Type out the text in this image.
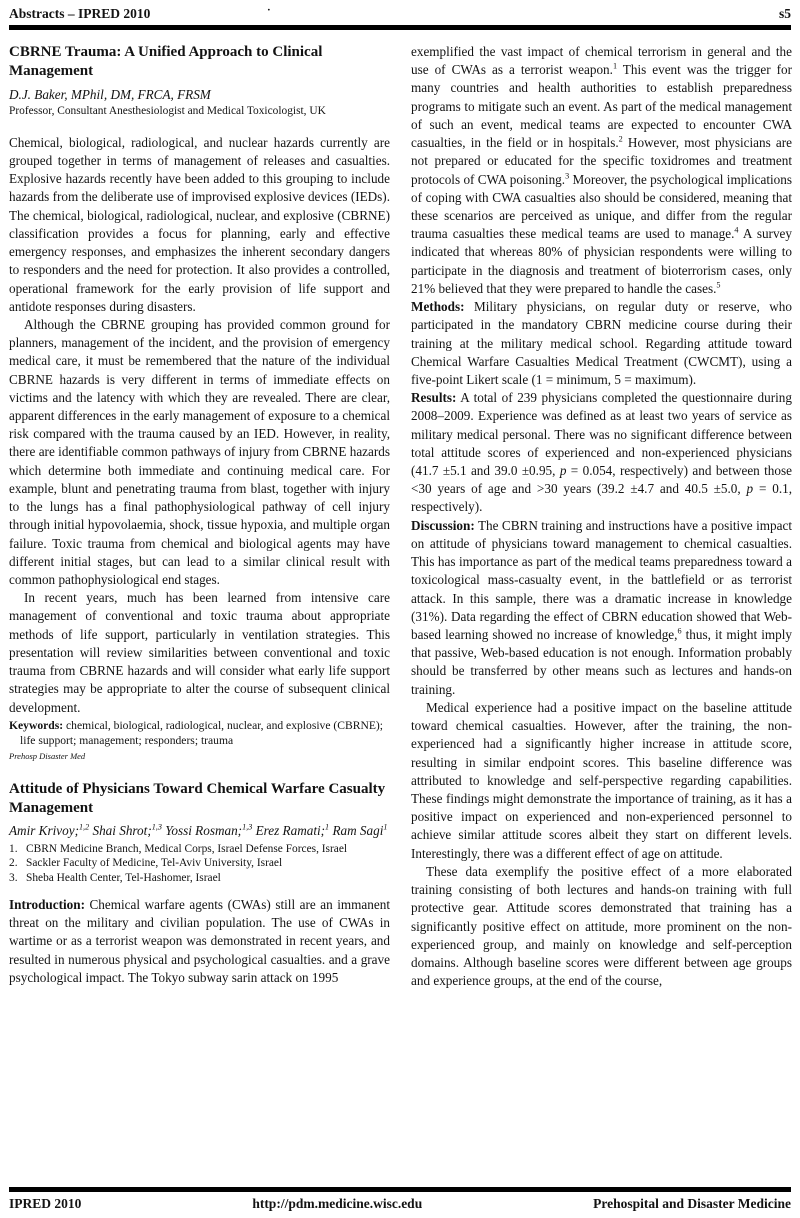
Abstracts – IPRED 2010	·	s5
CBRNE Trauma: A Unified Approach to Clinical Management
D.J. Baker, MPhil, DM, FRCA, FRSM
Professor, Consultant Anesthesiologist and Medical Toxicologist, UK

Chemical, biological, radiological, and nuclear hazards currently are grouped together in terms of management of releases and casualties. Explosive hazards recently have been added to this grouping to include hazards from the deliberate use of improvised explosive devices (IEDs). The chemical, biological, radiological, nuclear, and explosive (CBRNE) classification provides a focus for planning, early and effective emergency responses, and emphasizes the inherent secondary dangers to responders and the need for protection. It also provides a controlled, operational framework for the early provision of life support and antidote responses during disasters.

Although the CBRNE grouping has provided common ground for planners, management of the incident, and the provision of emergency medical care, it must be remembered that the nature of the individual CBRNE hazards is very different in terms of immediate effects on victims and the latency with which they are revealed. There are clear, apparent differences in the early management of exposure to a chemical risk compared with the trauma caused by an IED. However, in reality, there are identifiable common pathways of injury from CBRNE hazards which determine both immediate and continuing medical care. For example, blunt and penetrating trauma from blast, together with injury to the lungs has a final pathophysiological pathway of cell injury through initial hypovolaemia, shock, tissue hypoxia, and multiple organ failure. Toxic trauma from chemical and biological agents may have different initial stages, but can lead to a similar clinical result with common pathophysiological end stages.

In recent years, much has been learned from intensive care management of conventional and toxic trauma about appropriate methods of life support, particularly in ventilation strategies. This presentation will review similarities between conventional and toxic trauma from CBRNE hazards and will consider what early life support strategies may be appropriate to alter the course of subsequent clinical development.

Keywords: chemical, biological, radiological, nuclear, and explosive (CBRNE); life support; management; responders; trauma

Prehosp Disaster Med
Attitude of Physicians Toward Chemical Warfare Casualty Management
Amir Krivoy;$^{1,2}$ Shai Shrot;$^{1,3}$ Yossi Rosman;$^{1,3}$ Erez Ramati;$^1$ Ram Sagi$^1$
1. CBRN Medicine Branch, Medical Corps, Israel Defense Forces, Israel
2. Sackler Faculty of Medicine, Tel-Aviv University, Israel
3. Sheba Health Center, Tel-Hashomer, Israel

Introduction: Chemical warfare agents (CWAs) still are an immanent threat on the military and civilian population. The use of CWAs in wartime or as a terrorist weapon was demonstrated in recent years, and resulted in numerous physical and psychological casualties. and a grave psychological impact. The Tokyo subway sarin attack on 1995

exemplified the vast impact of chemical terrorism in general and the use of CWAs as a terrorist weapon.$^1$ This event was the trigger for many countries and health authorities to establish preparedness programs to mitigate such an event. As part of the medical management of such an event, medical teams are expected to encounter CWA casualties, in the field or in hospitals.$^2$ However, most physicians are not prepared or educated for the specific toxidromes and treatment protocols of CWA poisoning.$^3$ Moreover, the psychological implications of coping with CWA casualties also should be considered, meaning that these scenarios are perceived as unique, and differ from the regular trauma casualties these medical teams are used to manage.$^4$ A survey indicated that whereas 80% of physician respondents were willing to participate in the diagnosis and treatment of bioterrorism cases, only 21% believed that they were prepared to handle the cases.$^5$

Methods: Military physicians, on regular duty or reserve, who participated in the mandatory CBRN medicine course during their training at the military medical school. Regarding attitude toward Chemical Warfare Casualties Medical Treatment (CWCMT), using a five-point Likert scale (1 = minimum, 5 = maximum).

Results: A total of 239 physicians completed the questionnaire during 2008–2009. Experience was defined as at least two years of service as military medical personal. There was no significant difference between total attitude scores of experienced and non-experienced physicians (41.7 ±5.1 and 39.0 ±0.95, p = 0.054, respectively) and between those <30 years of age and >30 years (39.2 ±4.7 and 40.5 ±5.0, p = 0.1, respectively).

Discussion: The CBRN training and instructions have a positive impact on attitude of physicians toward management to chemical casualties. This has importance as part of the medical teams preparedness toward a toxicological mass-casualty event, in the battlefield or as terrorist attack. In this sample, there was a dramatic increase in knowledge (31%). Data regarding the effect of CBRN education showed that Web-based learning showed no increase of knowledge,$^6$ thus, it might imply that passive, Web-based education is not enough. Information probably should be transferred by other means such as lectures and hands-on training.

Medical experience had a positive impact on the baseline attitude toward chemical casualties. However, after the training, the non-experienced had a significantly higher increase in attitude score, resulting in similar endpoint scores. This baseline difference was attributed to knowledge and self-perspective regarding capabilities. These findings might demonstrate the importance of training, as it has a positive impact on experienced and non-experienced personnel to achieve similar attitude scores albeit they start on different levels. Interestingly, there was a different effect of age on attitude.

These data exemplify the positive effect of a more elaborated training consisting of both lectures and hands-on training with full protective gear. Attitude scores demonstrated that training has a significantly positive effect on attitude, more prominent on the non-experienced group, and mainly on knowledge and self-perception domains. Although baseline scores were different between age groups and experience groups, at the end of the course,

IPRED 2010	http://pdm.medicine.wisc.edu	Prehospital and Disaster Medicine
